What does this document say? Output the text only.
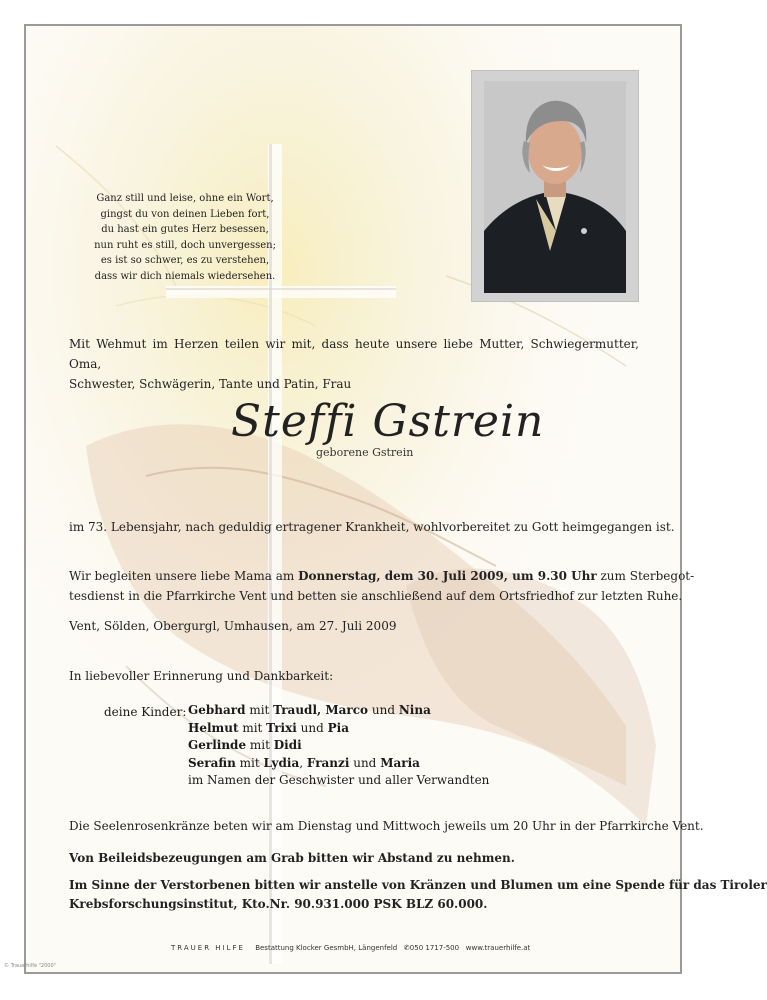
Ganz still und leise, ohne ein Wort,
gingst du von deinen Lieben fort,
du hast ein gutes Herz besessen,
nun ruht es still, doch unvergessen;
es ist so schwer, es zu verstehen,
dass wir dich niemals wiedersehen.
Mit Wehmut im Herzen teilen wir mit, dass heute unsere liebe Mutter, Schwiegermutter, Oma,
Schwester, Schwägerin, Tante und Patin, Frau
Steffi Gstrein
geborene Gstrein
im 73. Lebensjahr, nach geduldig ertragener Krankheit, wohlvorbereitet zu Gott heimgegangen ist.
Wir begleiten unsere liebe Mama am Donnerstag, dem 30. Juli 2009, um 9.30 Uhr zum Sterbegot-
tesdienst in die Pfarrkirche Vent und betten sie anschließend auf dem Ortsfriedhof zur letzten Ruhe.
Vent, Sölden, Obergurgl, Umhausen, am 27. Juli 2009
In liebevoller Erinnerung und Dankbarkeit:
deine Kinder: Gebhard mit Traudl, Marco und Nina
Helmut mit Trixi und Pia
Gerlinde mit Didi
Serafin mit Lydia, Franzi und Maria
im Namen der Geschwister und aller Verwandten
Die Seelenrosenkränze beten wir am Dienstag und Mittwoch jeweils um 20 Uhr in der Pfarrkirche Vent.
Von Beileidsbezeugungen am Grab bitten wir Abstand zu nehmen.
Im Sinne der Verstorbenen bitten wir anstelle von Kränzen und Blumen um eine Spende für das Tiroler
Krebsforschungsinstitut, Kto.Nr. 90.931.000 PSK BLZ 60.000.
TRAUER HILFE Bestattung Klocker GesmbH, Längenfeld ✆050 1717-500 www.trauerhilfe.at
© Trauerhilfe "2000"
